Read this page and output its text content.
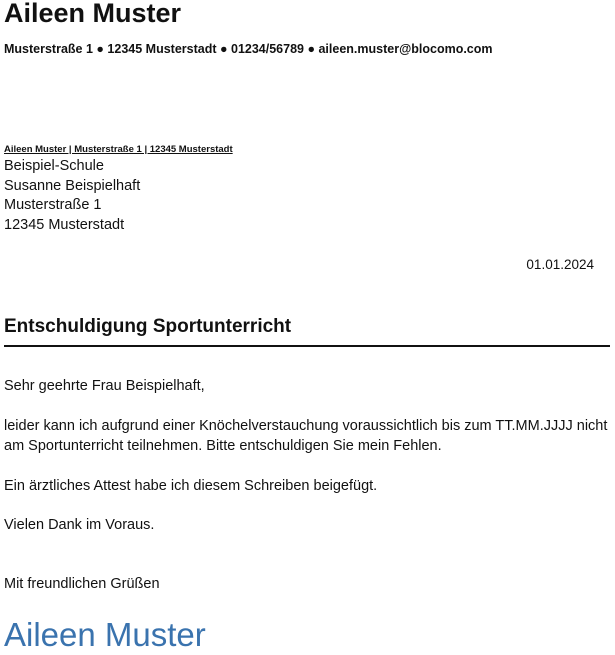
Aileen Muster
Musterstraße 1 ● 12345 Musterstadt ● 01234/56789 ● aileen.muster@blocomo.com
Aileen Muster | Musterstraße 1 | 12345 Musterstadt
Beispiel-Schule
Susanne Beispielhaft
Musterstraße 1
12345 Musterstadt
01.01.2024
Entschuldigung Sportunterricht
Sehr geehrte Frau Beispielhaft,
leider kann ich aufgrund einer Knöchelverstauchung voraussichtlich bis zum TT.MM.JJJJ nicht
am Sportunterricht teilnehmen. Bitte entschuldigen Sie mein Fehlen.
Ein ärztliches Attest habe ich diesem Schreiben beigefügt.
Vielen Dank im Voraus.
Mit freundlichen Grüßen
Aileen Muster
